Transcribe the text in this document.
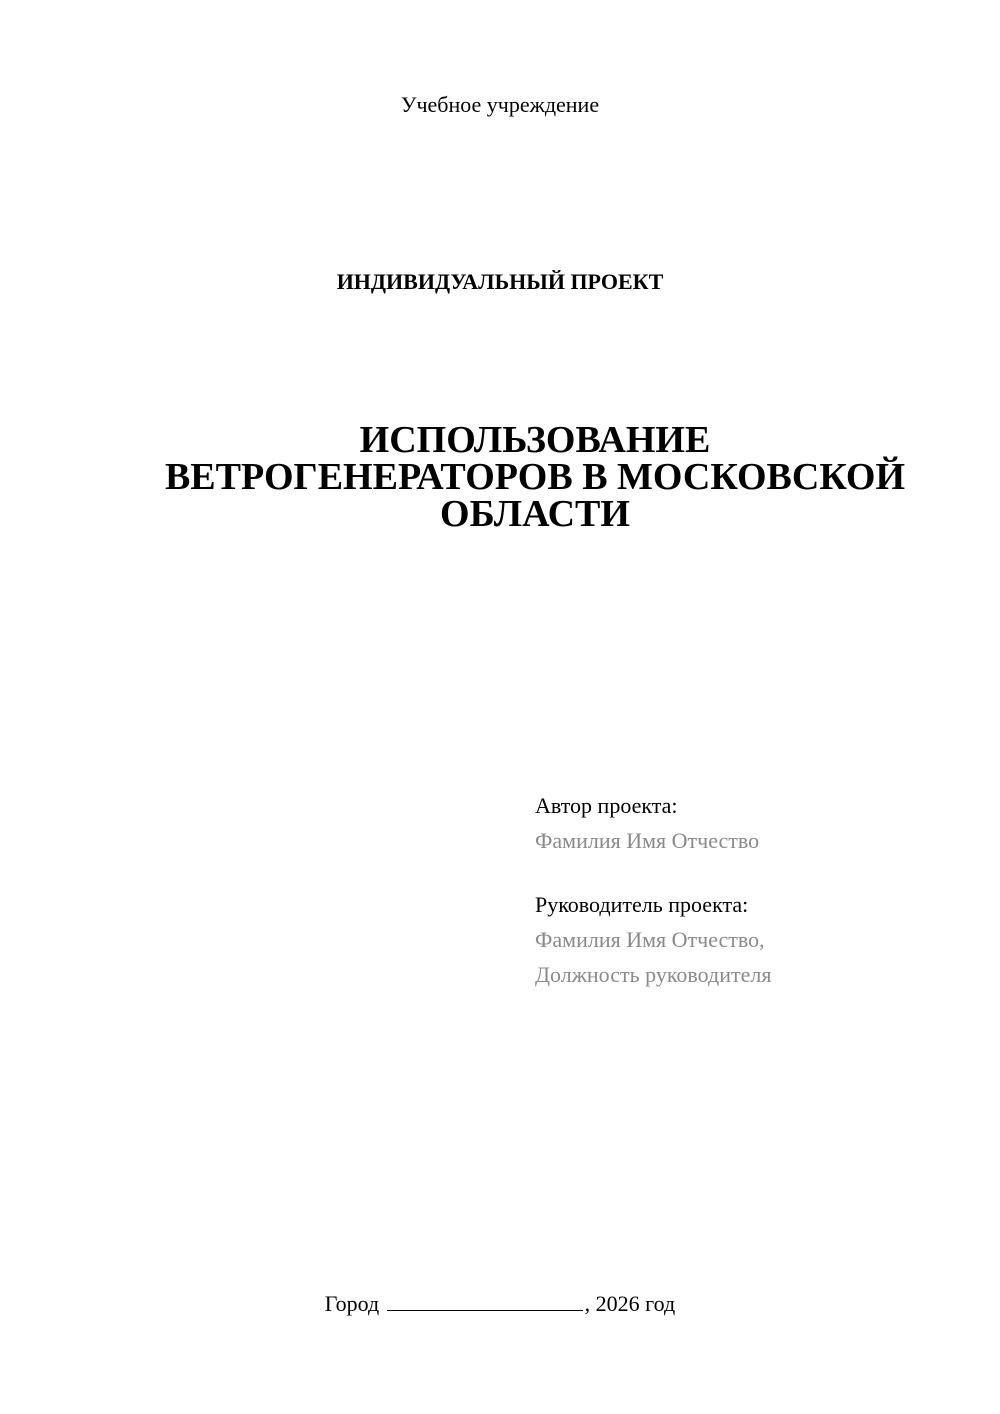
Учебное учреждение
ИНДИВИДУАЛЬНЫЙ ПРОЕКТ
ИСПОЛЬЗОВАНИЕ
ВЕТРОГЕНЕРАТОРОВ В МОСКОВСКОЙ
ОБЛАСТИ
Автор проекта:
Фамилия Имя Отчество
Руководитель проекта:
Фамилия Имя Отчество,
Должность руководителя
Город	, 2026 год
